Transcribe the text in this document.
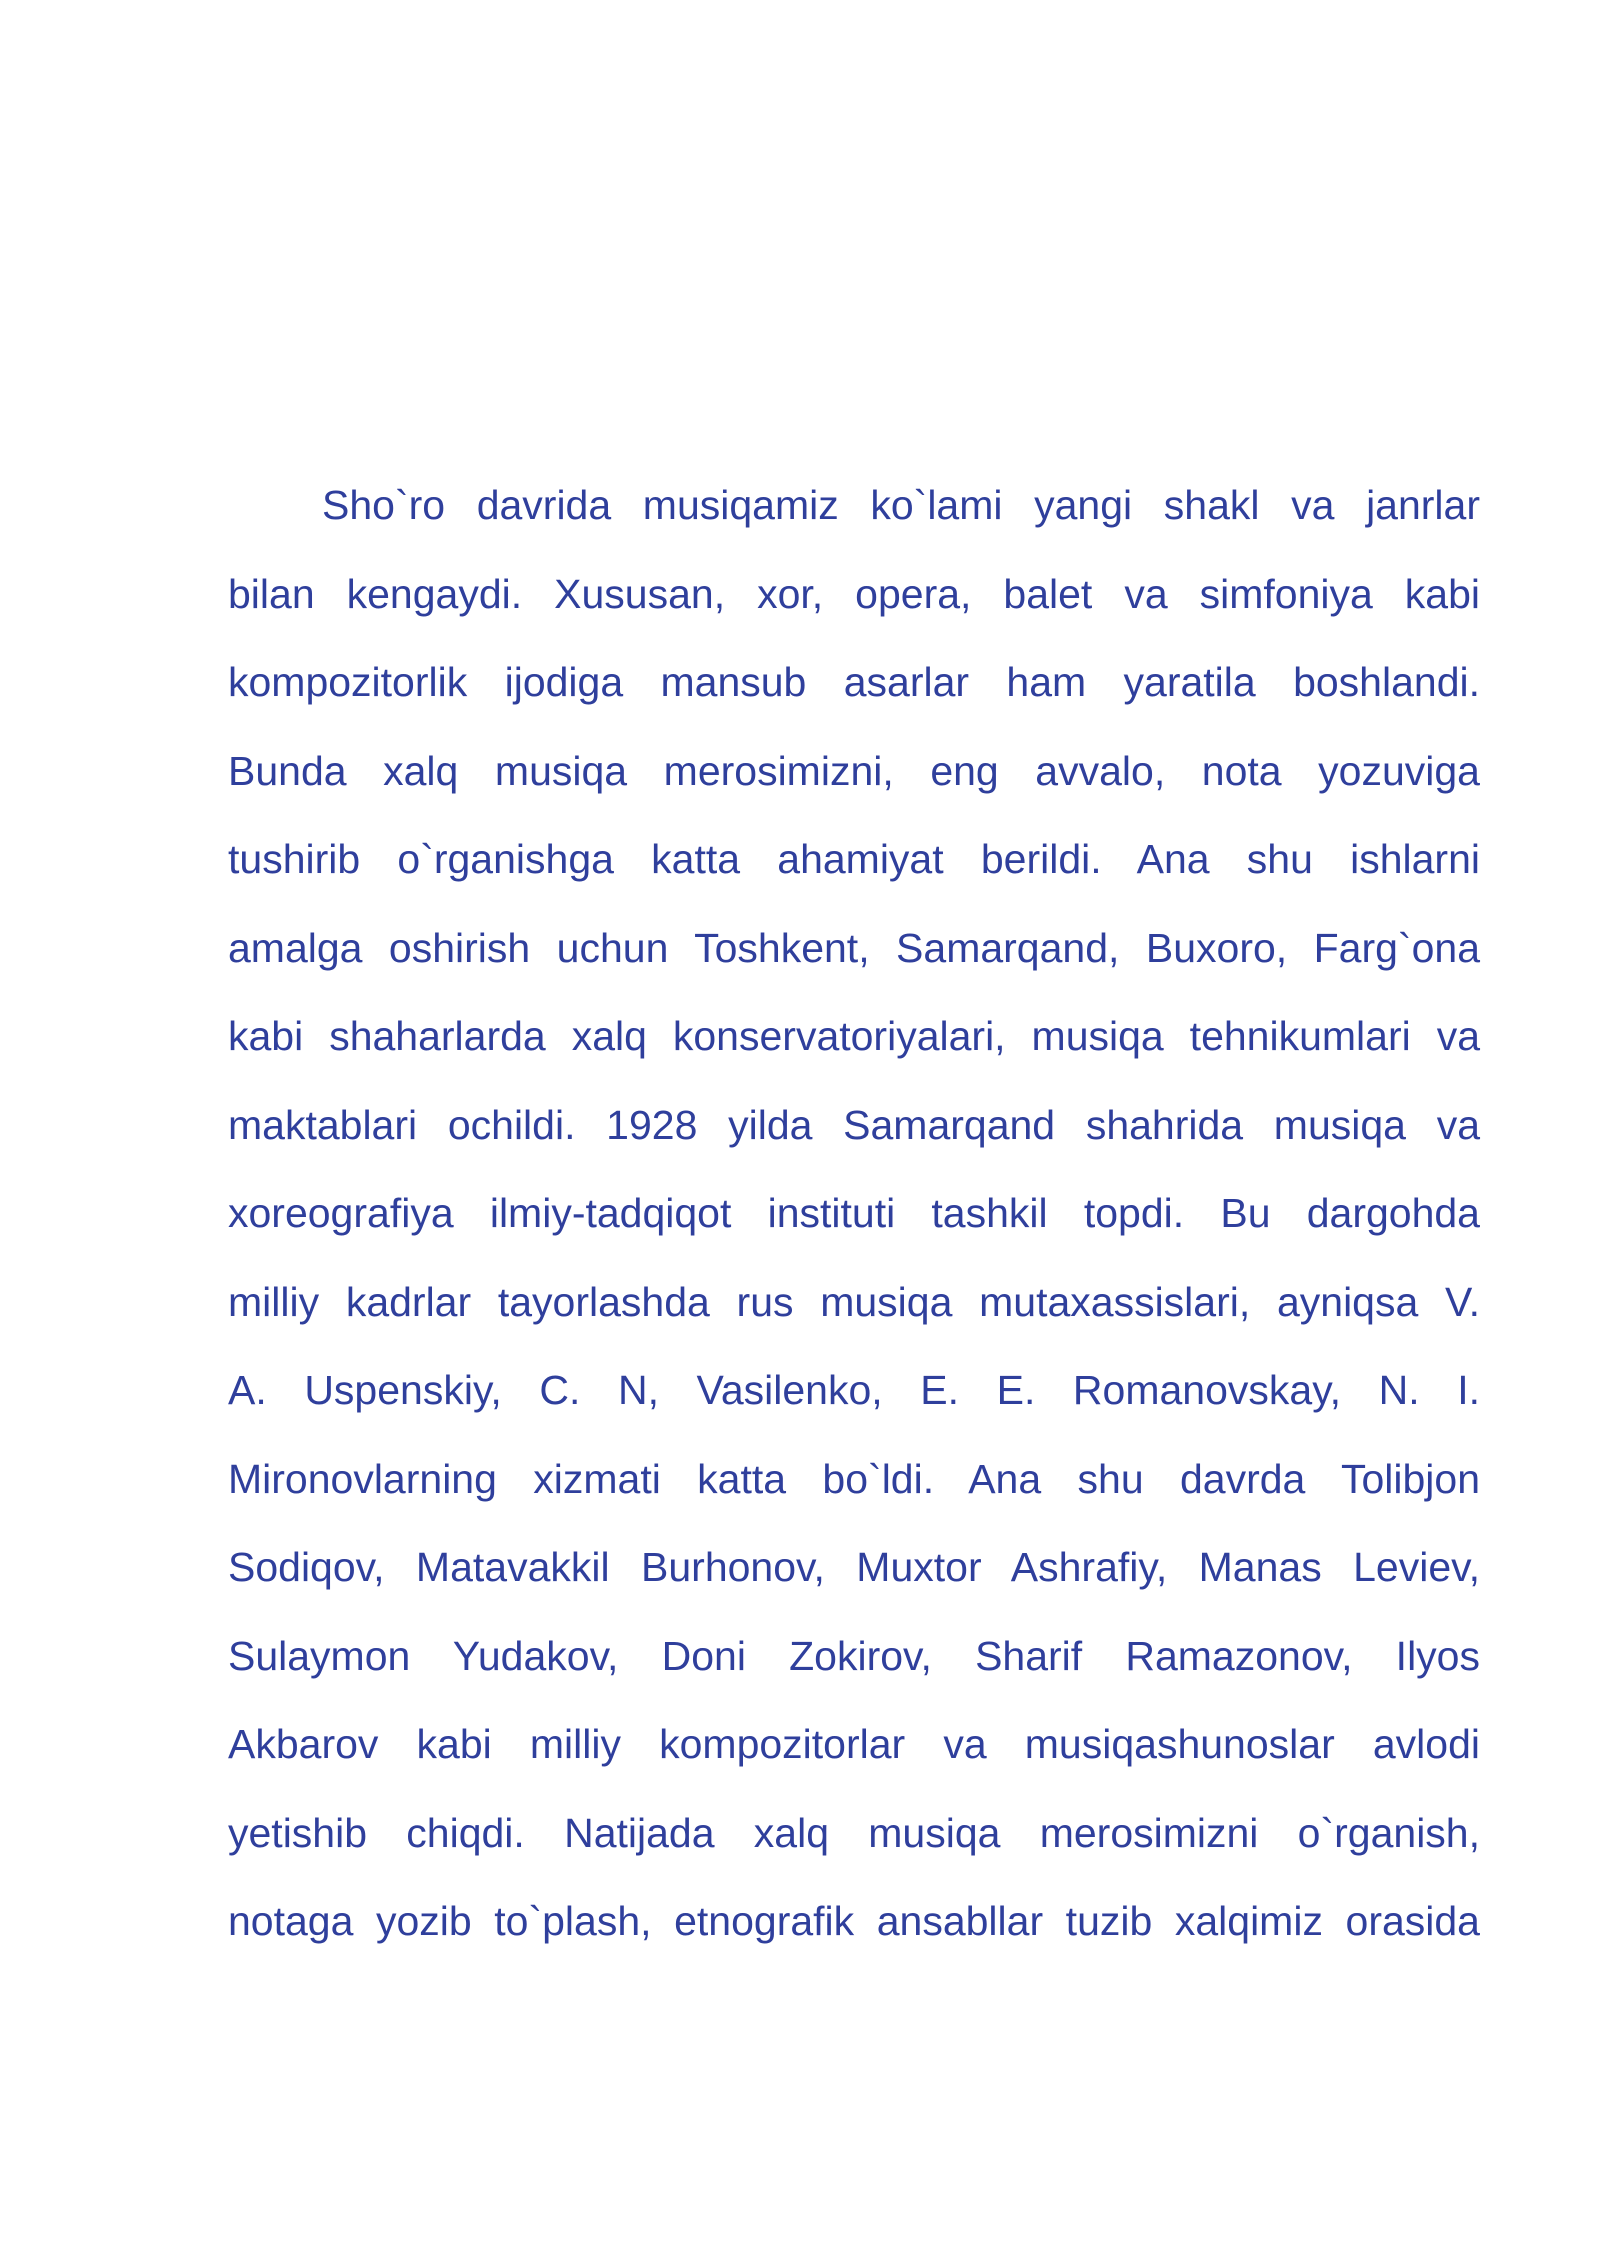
Sho`ro davrida musiqamiz ko`lami yangi shakl va janrlar
bilan kengaydi. Xususan, xor, opera, balet va simfoniya kabi
kompozitorlik ijodiga mansub asarlar ham yaratila boshlandi.
Bunda xalq musiqa merosimizni, eng avvalo, nota yozuviga
tushirib o`rganishga katta ahamiyat berildi. Ana shu ishlarni
amalga oshirish uchun Toshkent, Samarqand, Buxoro, Farg`ona
kabi shaharlarda xalq konservatoriyalari, musiqa tehnikumlari va
maktablari ochildi. 1928 yilda Samarqand shahrida musiqa va
xoreografiya ilmiy-tadqiqot instituti tashkil topdi. Bu dargohda
milliy kadrlar tayorlashda rus musiqa mutaxassislari, ayniqsa V.
A. Uspenskiy, C. N, Vasilenko, E. E. Romanovskay, N. I.
Mironovlarning xizmati katta bo`ldi. Ana shu davrda Tolibjon
Sodiqov, Matavakkil Burhonov, Muxtor Ashrafiy, Manas Leviev,
Sulaymon Yudakov, Doni Zokirov, Sharif Ramazonov, Ilyos
Akbarov kabi milliy kompozitorlar va musiqashunoslar avlodi
yetishib chiqdi. Natijada xalq musiqa merosimizni o`rganish,
notaga yozib to`plash, etnografik ansabllar tuzib xalqimiz orasida
